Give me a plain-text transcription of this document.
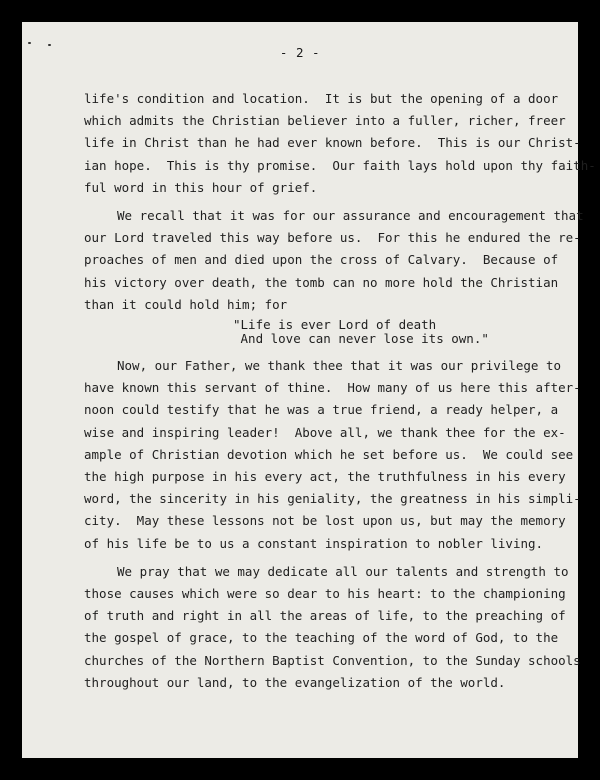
- 2 -
life's condition and location.  It is but the opening of a door
which admits the Christian believer into a fuller, richer, freer
life in Christ than he had ever known before.  This is our Christ-
ian hope.  This is thy promise.  Our faith lays hold upon thy faith-
ful word in this hour of grief.
We recall that it was for our assurance and encouragement that
our Lord traveled this way before us.  For this he endured the re-
proaches of men and died upon the cross of Calvary.  Because of
his victory over death, the tomb can no more hold the Christian
than it could hold him; for
"Life is ever Lord of death
And love can never lose its own."
Now, our Father, we thank thee that it was our privilege to
have known this servant of thine.  How many of us here this after-
noon could testify that he was a true friend, a ready helper, a
wise and inspiring leader!  Above all, we thank thee for the ex-
ample of Christian devotion which he set before us.  We could see
the high purpose in his every act, the truthfulness in his every
word, the sincerity in his geniality, the greatness in his simpli-
city.  May these lessons not be lost upon us, but may the memory
of his life be to us a constant inspiration to nobler living.
We pray that we may dedicate all our talents and strength to
those causes which were so dear to his heart: to the championing
of truth and right in all the areas of life, to the preaching of
the gospel of grace, to the teaching of the word of God, to the
churches of the Northern Baptist Convention, to the Sunday schools
throughout our land, to the evangelization of the world.
